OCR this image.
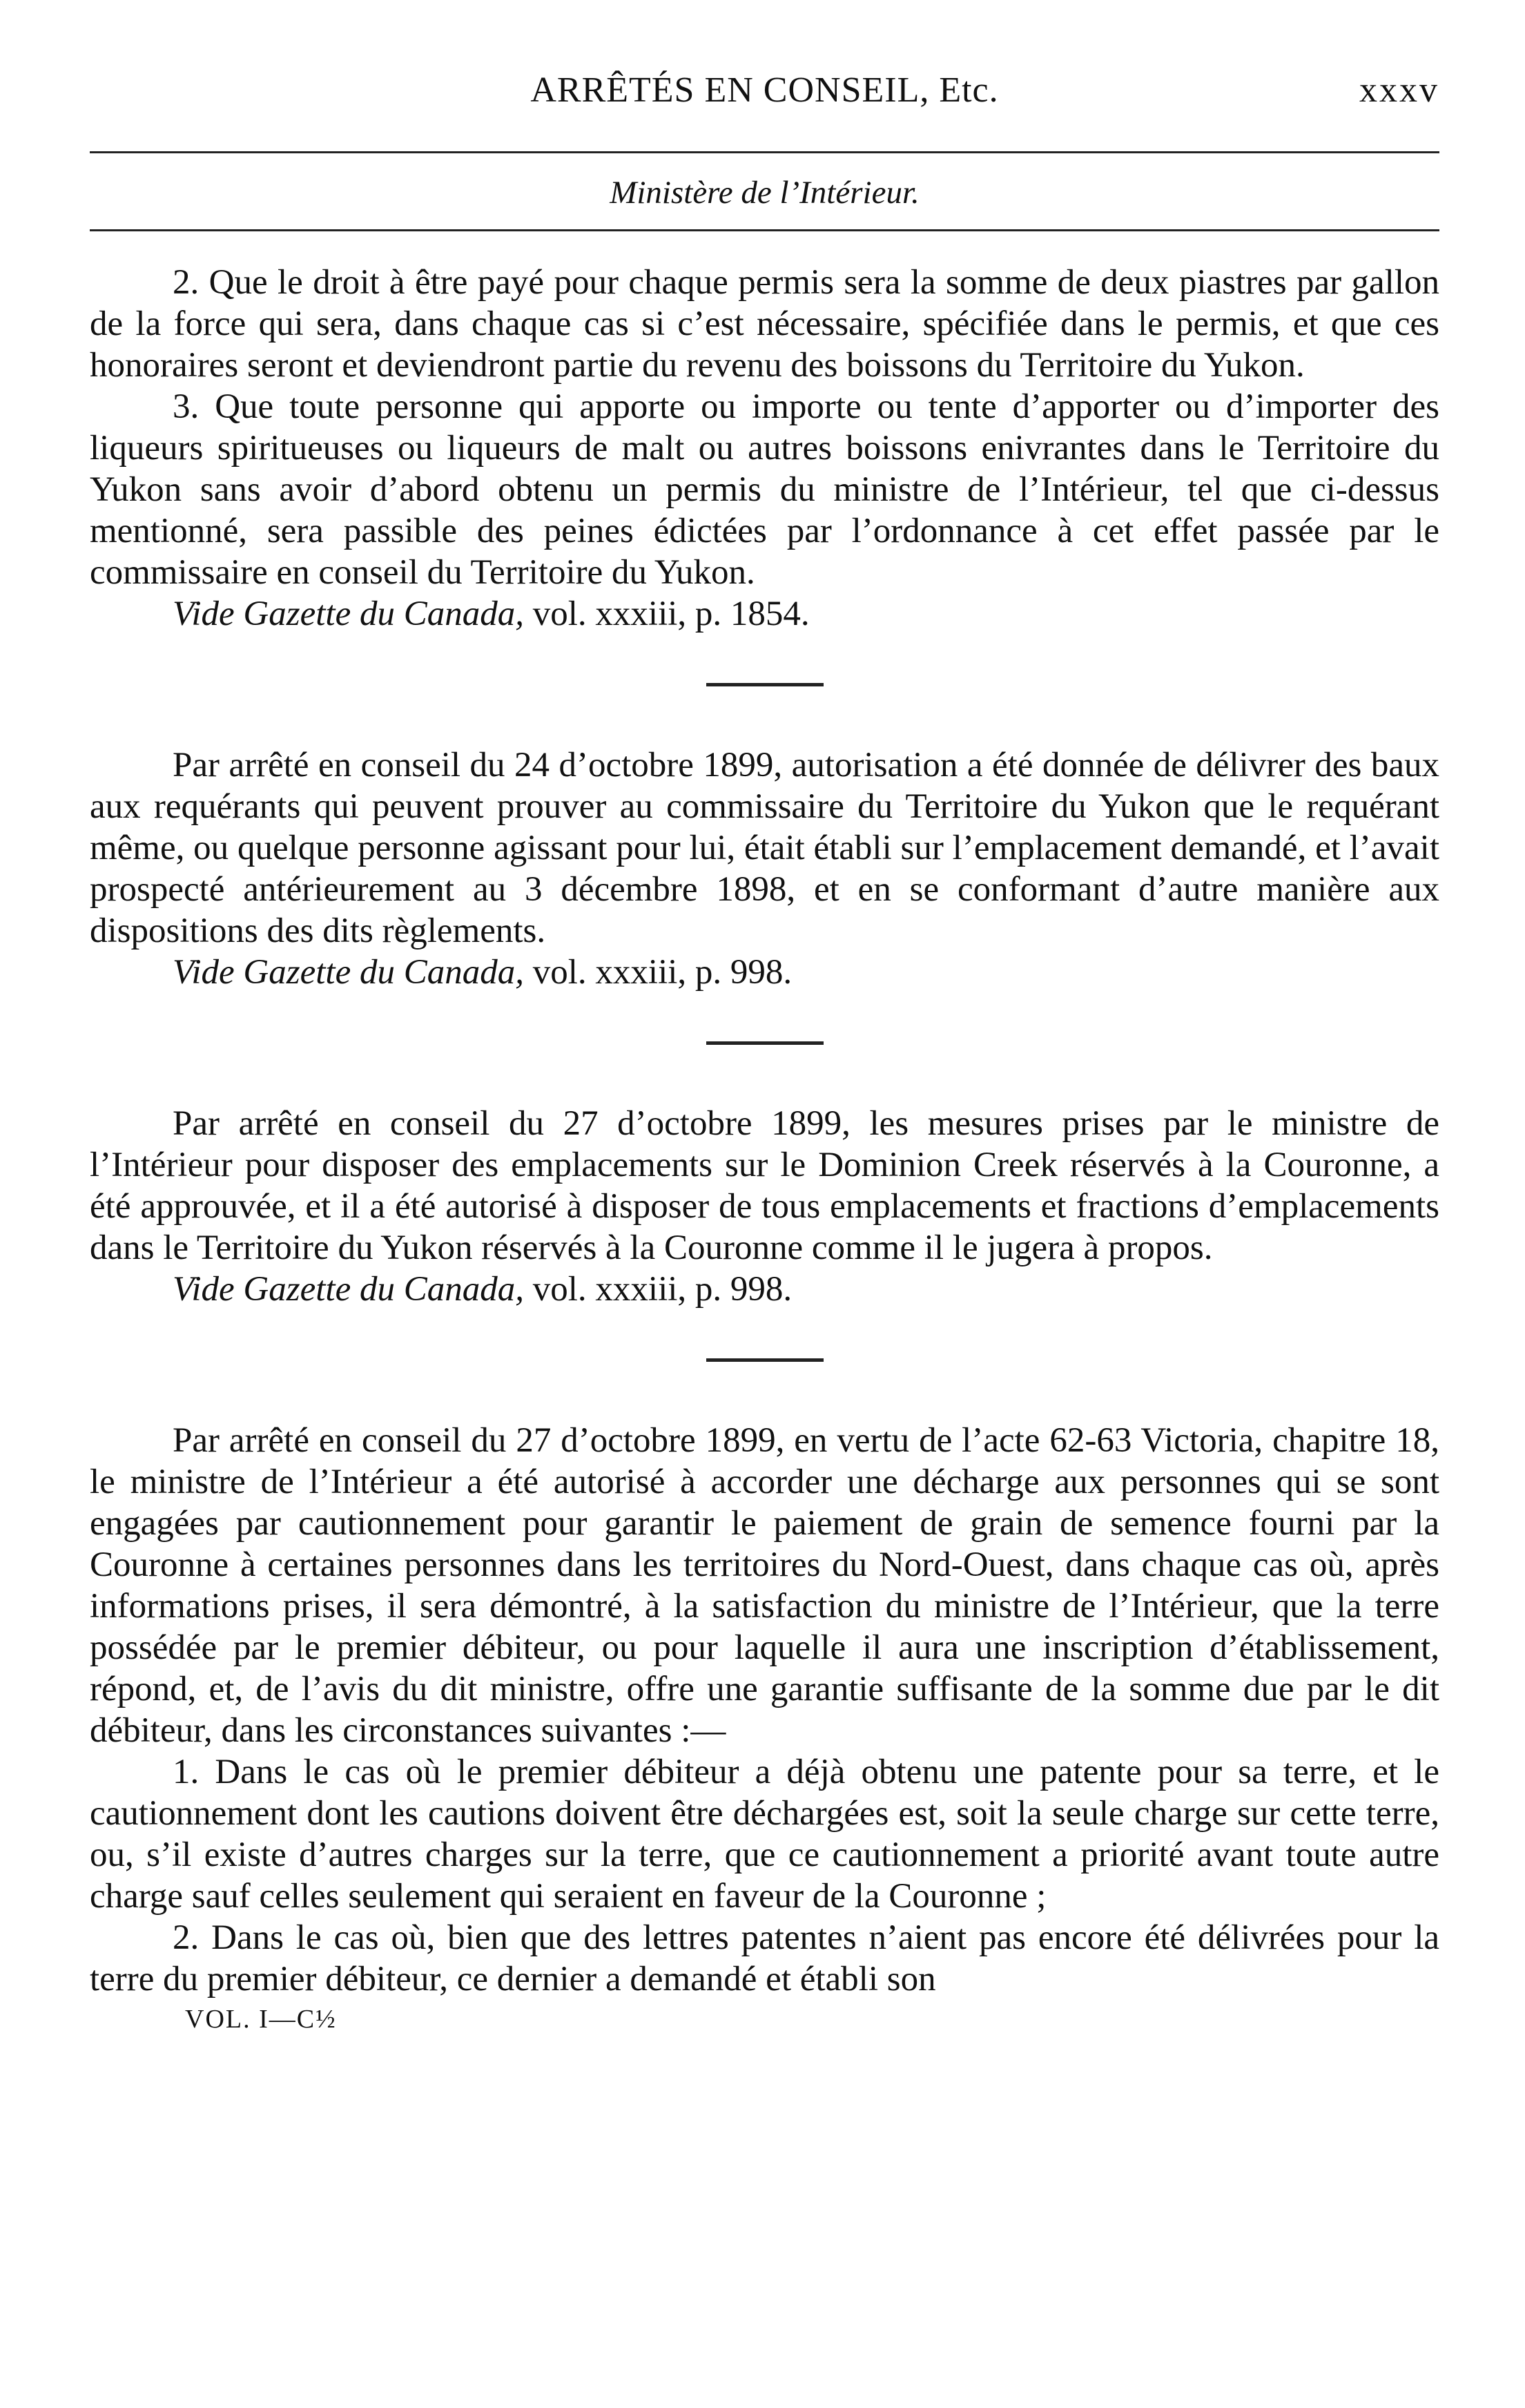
ARRÊTÉS EN CONSEIL, Etc.	xxxv
Ministère de l’Intérieur.

2. Que le droit à être payé pour chaque permis sera la somme de deux piastres par gallon de la force qui sera, dans chaque cas si c’est nécessaire, spécifiée dans le permis, et que ces honoraires seront et deviendront partie du revenu des boissons du Territoire du Yukon.

3. Que toute personne qui apporte ou importe ou tente d’apporter ou d’importer des liqueurs spiritueuses ou liqueurs de malt ou autres boissons enivrantes dans le Territoire du Yukon sans avoir d’abord obtenu un permis du ministre de l’Intérieur, tel que ci-dessus mentionné, sera passible des peines édictées par l’ordonnance à cet effet passée par le commissaire en conseil du Territoire du Yukon.

Vide Gazette du Canada, vol. xxxiii, p. 1854.

Par arrêté en conseil du 24 d’octobre 1899, autorisation a été donnée de délivrer des baux aux requérants qui peuvent prouver au commissaire du Territoire du Yukon que le requérant même, ou quelque personne agissant pour lui, était établi sur l’emplacement demandé, et l’avait prospecté antérieurement au 3 décembre 1898, et en se conformant d’autre manière aux dispositions des dits règlements.

Vide Gazette du Canada, vol. xxxiii, p. 998.

Par arrêté en conseil du 27 d’octobre 1899, les mesures prises par le ministre de l’Intérieur pour disposer des emplacements sur le Dominion Creek réservés à la Couronne, a été approuvée, et il a été autorisé à disposer de tous emplacements et fractions d’emplacements dans le Territoire du Yukon réservés à la Couronne comme il le jugera à propos.

Vide Gazette du Canada, vol. xxxiii, p. 998.

Par arrêté en conseil du 27 d’octobre 1899, en vertu de l’acte 62-63 Victoria, chapitre 18, le ministre de l’Intérieur a été autorisé à accorder une décharge aux personnes qui se sont engagées par cautionnement pour garantir le paiement de grain de semence fourni par la Couronne à certaines personnes dans les territoires du Nord-Ouest, dans chaque cas où, après informations prises, il sera démontré, à la satisfaction du ministre de l’Intérieur, que la terre possédée par le premier débiteur, ou pour laquelle il aura une inscription d’établissement, répond, et, de l’avis du dit ministre, offre une garantie suffisante de la somme due par le dit débiteur, dans les circonstances suivantes :—

1. Dans le cas où le premier débiteur a déjà obtenu une patente pour sa terre, et le cautionnement dont les cautions doivent être déchargées est, soit la seule charge sur cette terre, ou, s’il existe d’autres charges sur la terre, que ce cautionnement a priorité avant toute autre charge sauf celles seulement qui seraient en faveur de la Couronne ;

2. Dans le cas où, bien que des lettres patentes n’aient pas encore été délivrées pour la terre du premier débiteur, ce dernier a demandé et établi son

VOL. I—C½
